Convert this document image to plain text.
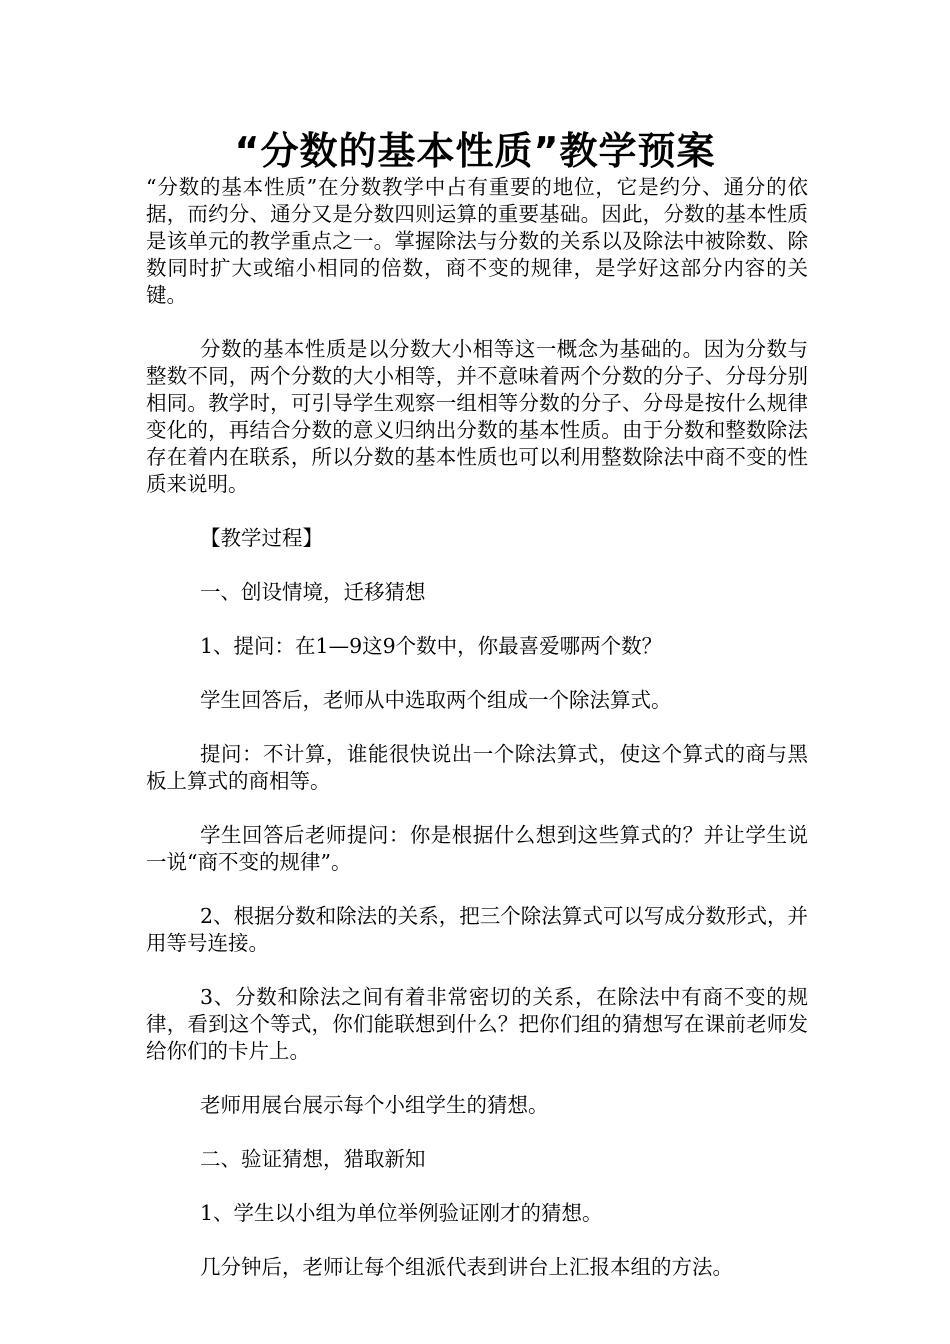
“分数的基本性质”教学预案

“分数的基本性质”在分数教学中占有重要的地位，它是约分、通分的依据，而约分、通分又是分数四则运算的重要基础。因此，分数的基本性质是该单元的教学重点之一。掌握除法与分数的关系以及除法中被除数、除数同时扩大或缩小相同的倍数，商不变的规律，是学好这部分内容的关键。

分数的基本性质是以分数大小相等这一概念为基础的。因为分数与整数不同，两个分数的大小相等，并不意味着两个分数的分子、分母分别相同。教学时，可引导学生观察一组相等分数的分子、分母是按什么规律变化的，再结合分数的意义归纳出分数的基本性质。由于分数和整数除法存在着内在联系，所以分数的基本性质也可以利用整数除法中商不变的性质来说明。

【教学过程】

一、创设情境，迁移猜想

1、提问：在1—9这9个数中，你最喜爱哪两个数？

学生回答后，老师从中选取两个组成一个除法算式。

提问：不计算，谁能很快说出一个除法算式，使这个算式的商与黑板上算式的商相等。

学生回答后老师提问：你是根据什么想到这些算式的？并让学生说一说“商不变的规律”。

2、根据分数和除法的关系，把三个除法算式可以写成分数形式，并用等号连接。

3、分数和除法之间有着非常密切的关系，在除法中有商不变的规律，看到这个等式，你们能联想到什么？把你们组的猜想写在课前老师发给你们的卡片上。

老师用展台展示每个小组学生的猜想。

二、验证猜想，猎取新知

1、学生以小组为单位举例验证刚才的猜想。

几分钟后，老师让每个组派代表到讲台上汇报本组的方法。
